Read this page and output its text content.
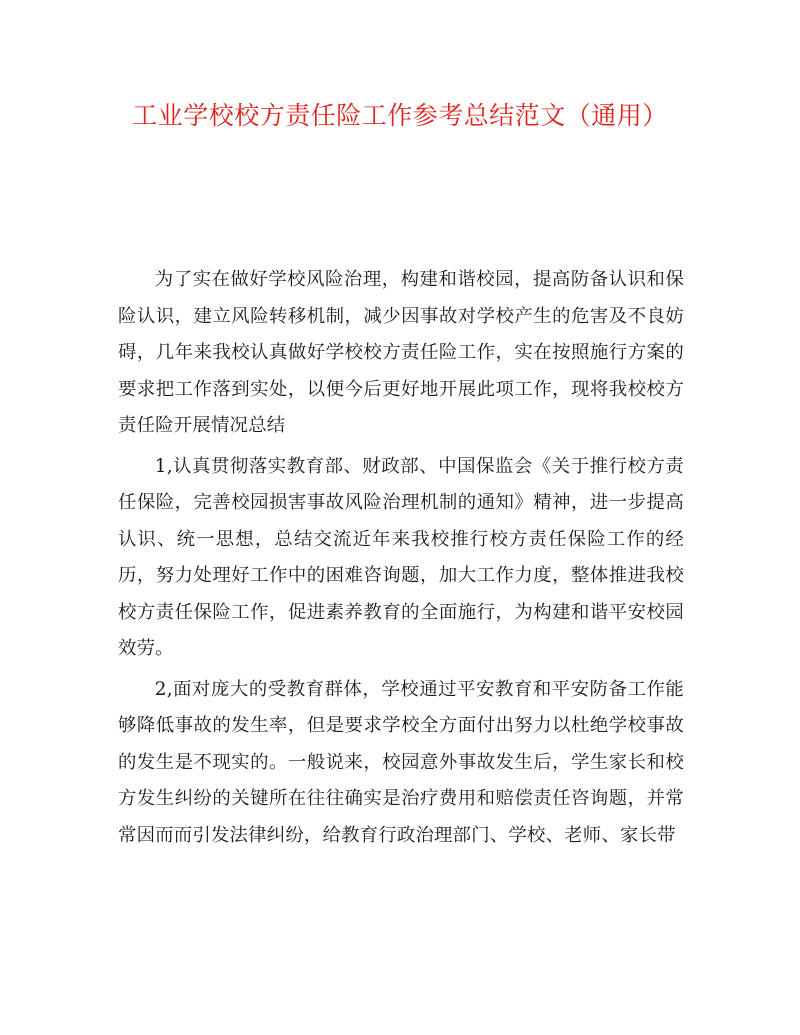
工业学校校方责任险工作参考总结范文（通用）

为了实在做好学校风险治理，构建和谐校园，提高防备认识和保险认识，建立风险转移机制，减少因事故对学校产生的危害及不良妨碍，几年来我校认真做好学校校方责任险工作，实在按照施行方案的要求把工作落到实处，以便今后更好地开展此项工作，现将我校校方责任险开展情况总结

1,认真贯彻落实教育部、财政部、中国保监会《关于推行校方责任保险，完善校园损害事故风险治理机制的通知》精神，进一步提高认识、统一思想，总结交流近年来我校推行校方责任保险工作的经历，努力处理好工作中的困难咨询题，加大工作力度，整体推进我校校方责任保险工作，促进素养教育的全面施行，为构建和谐平安校园效劳。

2,面对庞大的受教育群体，学校通过平安教育和平安防备工作能够降低事故的发生率，但是要求学校全方面付出努力以杜绝学校事故的发生是不现实的。一般说来，校园意外事故发生后，学生家长和校方发生纠纷的关键所在往往确实是治疗费用和赔偿责任咨询题，并常常因而而引发法律纠纷，给教育行政治理部门、学校、老师、家长带
